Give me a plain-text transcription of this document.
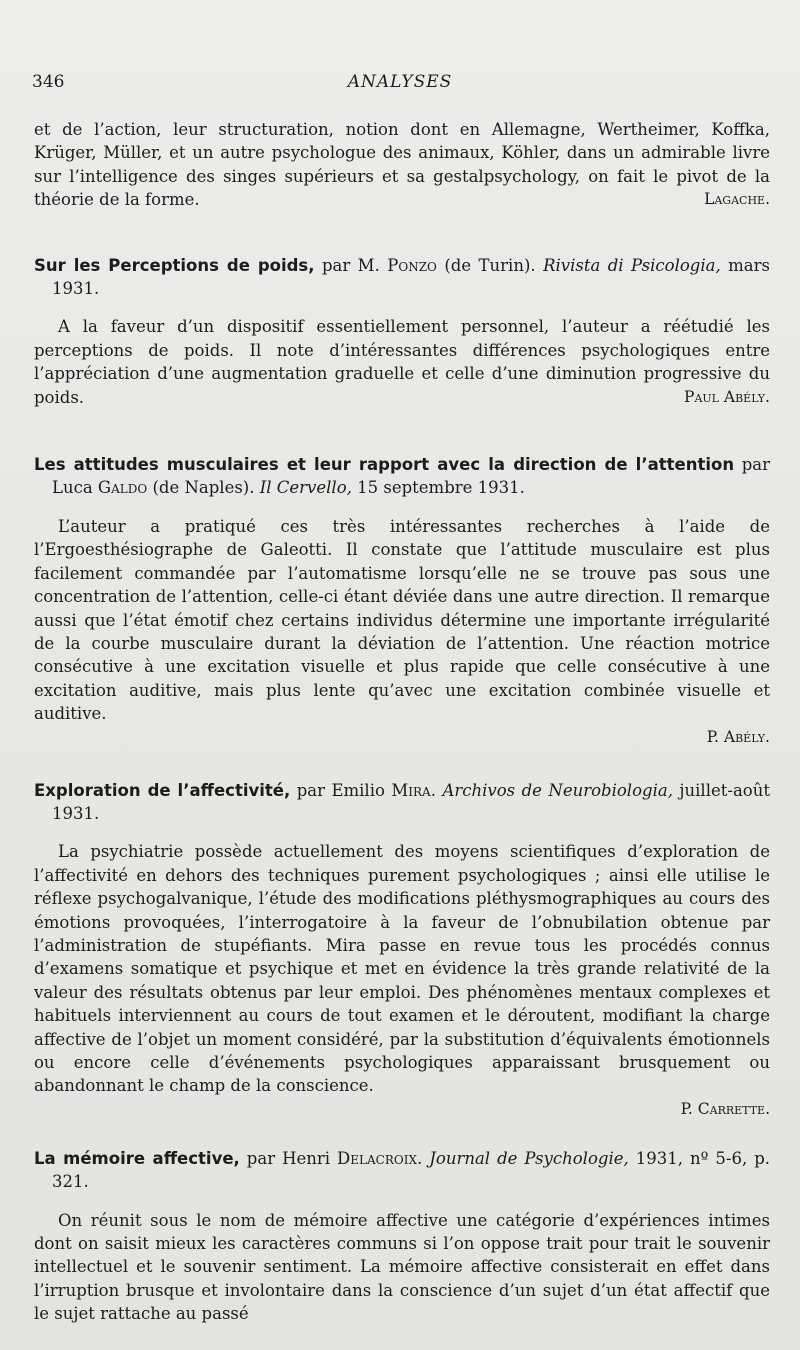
346	ANALYSES

et de l’action, leur structuration, notion dont en Allemagne, Wertheimer, Koffka, Krüger, Müller, et un autre psychologue des animaux, Köhler, dans un admirable livre sur l’intelligence des singes supérieurs et sa gestalpsychology, on fait le pivot de la théorie de la forme.	Lagache.

Sur les Perceptions de poids, par M. Ponzo (de Turin). Rivista di Psicologia, mars 1931.

A la faveur d’un dispositif essentiellement personnel, l’auteur a réétudié les perceptions de poids. Il note d’intéressantes différences psychologiques entre l’appréciation d’une augmentation graduelle et celle d’une diminution progressive du poids.	Paul Abély.

Les attitudes musculaires et leur rapport avec la direction de l’attention par Luca Galdo (de Naples). Il Cervello, 15 septembre 1931.

L’auteur a pratiqué ces très intéressantes recherches à l’aide de l’Ergoesthésiographe de Galeotti. Il constate que l’attitude musculaire est plus facilement commandée par l’automatisme lorsqu’elle ne se trouve pas sous une concentration de l’attention, celle-ci étant déviée dans une autre direction. Il remarque aussi que l’état émotif chez certains individus détermine une importante irrégularité de la courbe musculaire durant la déviation de l’attention. Une réaction motrice consécutive à une excitation visuelle et plus rapide que celle consécutive à une excitation auditive, mais plus lente qu’avec une excitation combinée visuelle et auditive.

P. Abély.

Exploration de l’affectivité, par Emilio Mira. Archivos de Neurobiologia, juillet-août 1931.

La psychiatrie possède actuellement des moyens scientifiques d’exploration de l’affectivité en dehors des techniques purement psychologiques ; ainsi elle utilise le réflexe psychogalvanique, l’étude des modifications pléthysmographiques au cours des émotions provoquées, l’interrogatoire à la faveur de l’obnubilation obtenue par l’administration de stupéfiants. Mira passe en revue tous les procédés connus d’examens somatique et psychique et met en évidence la très grande relativité de la valeur des résultats obtenus par leur emploi. Des phénomènes mentaux complexes et habituels interviennent au cours de tout examen et le déroutent, modifiant la charge affective de l’objet un moment considéré, par la substitution d’équivalents émotionnels ou encore celle d’événements psychologiques apparaissant brusquement ou abandonnant le champ de la conscience.

P. Carrette.

La mémoire affective, par Henri Delacroix. Journal de Psychologie, 1931, nº 5-6, p. 321.

On réunit sous le nom de mémoire affective une catégorie d’expériences intimes dont on saisit mieux les caractères communs si l’on oppose trait pour trait le souvenir intellectuel et le souvenir sentiment. La mémoire affective consisterait en effet dans l’irruption brusque et involontaire dans la conscience d’un sujet d’un état affectif que le sujet rattache au passé
